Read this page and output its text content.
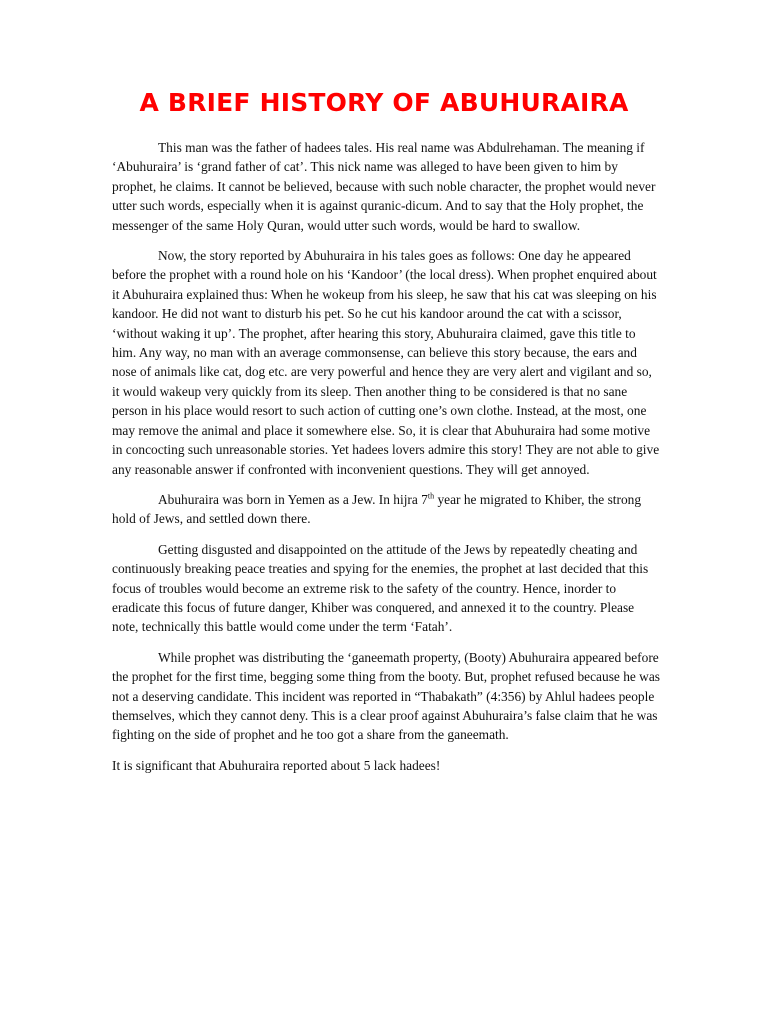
A BRIEF HISTORY OF ABUHURAIRA

This man was the father of hadees tales. His real name was Abdulrehaman. The meaning if ‘Abuhuraira’ is ‘grand father of cat’. This nick name was alleged to have been given to him by prophet, he claims. It cannot be believed, because with such noble character, the prophet would never utter such words, especially when it is against quranic-dicum. And to say that the Holy prophet, the messenger of the same Holy Quran, would utter such words, would be hard to swallow.

Now, the story reported by Abuhuraira in his tales goes as follows: One day he appeared before the prophet with a round hole on his ‘Kandoor’ (the local dress). When prophet enquired about it Abuhuraira explained thus: When he wokeup from his sleep, he saw that his cat was sleeping on his kandoor. He did not want to disturb his pet. So he cut his kandoor around the cat with a scissor, ‘without waking it up’. The prophet, after hearing this story, Abuhuraira claimed, gave this title to him. Any way, no man with an average commonsense, can believe this story because, the ears and nose of animals like cat, dog etc. are very powerful and hence they are very alert and vigilant and so, it would wakeup very quickly from its sleep. Then another thing to be considered is that no sane person in his place would resort to such action of cutting one’s own clothe. Instead, at the most, one may remove the animal and place it somewhere else. So, it is clear that Abuhuraira had some motive in concocting such unreasonable stories. Yet hadees lovers admire this story! They are not able to give any reasonable answer if confronted with inconvenient questions. They will get annoyed.

Abuhuraira was born in Yemen as a Jew. In hijra 7th year he migrated to Khiber, the strong hold of Jews, and settled down there.

Getting disgusted and disappointed on the attitude of the Jews by repeatedly cheating and continuously breaking peace treaties and spying for the enemies, the prophet at last decided that this focus of troubles would become an extreme risk to the safety of the country. Hence, inorder to eradicate this focus of future danger, Khiber was conquered, and annexed it to the country. Please note, technically this battle would come under the term ‘Fatah’.

While prophet was distributing the ‘ganeemath property, (Booty) Abuhuraira appeared before the prophet for the first time, begging some thing from the booty. But, prophet refused because he was not a deserving candidate. This incident was reported in “Thabakath” (4:356) by Ahlul hadees people themselves, which they cannot deny. This is a clear proof against Abuhuraira’s false claim that he was fighting on the side of prophet and he too got a share from the ganeemath.

It is significant that Abuhuraira reported about 5 lack hadees!
